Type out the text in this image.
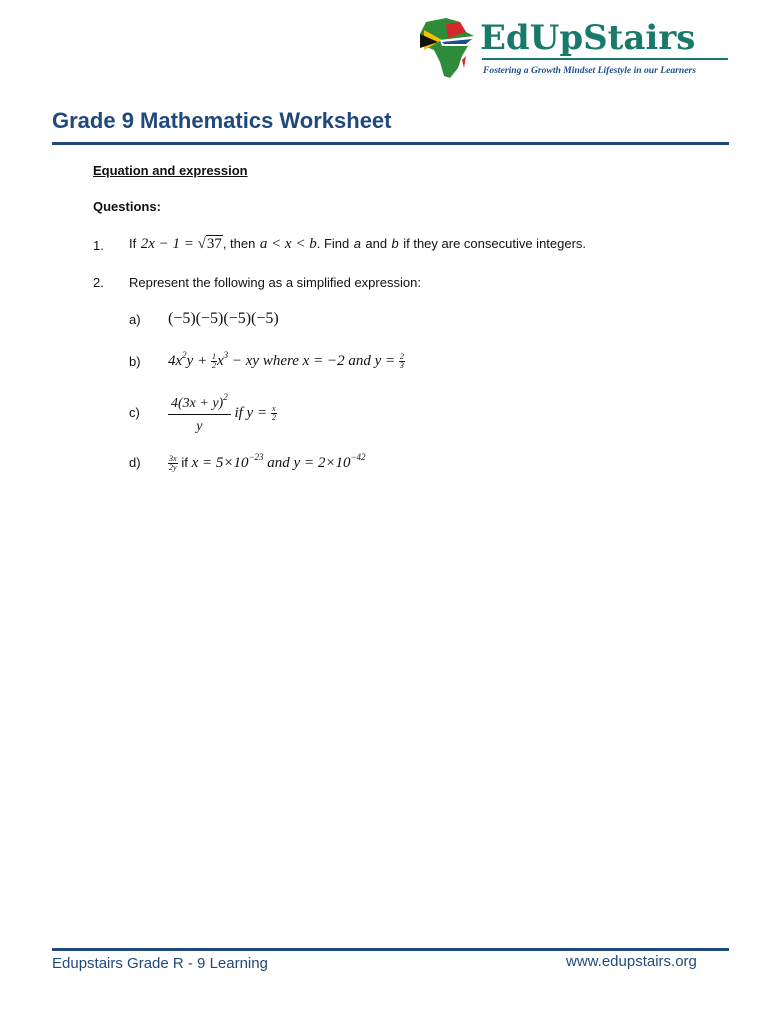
EdUpStairs
Fostering a Growth Mindset Lifestyle in our Learners
Grade 9 Mathematics Worksheet
Equation and expression
Questions:
1. If 2x − 1 = √37, then a < x < b. Find a and b if they are consecutive integers.
2. Represent the following as a simplified expression:
a) (−5)(−5)(−5)(−5)
b) $4x^2y + \frac{1}{2} x^3$ − xy where x = −2 and $y = \frac{2}{3}$
$c) \frac{4(3x + y)^2}{y}$ if $y = \frac{x}{2}$
d)	$\frac{3x}{2y}$ if $x = 5\times 10^{-23}$ and $y = 2\times 10^{-42}$
Edupstairs Grade R - 9 Learning	www.edupstairs.org
